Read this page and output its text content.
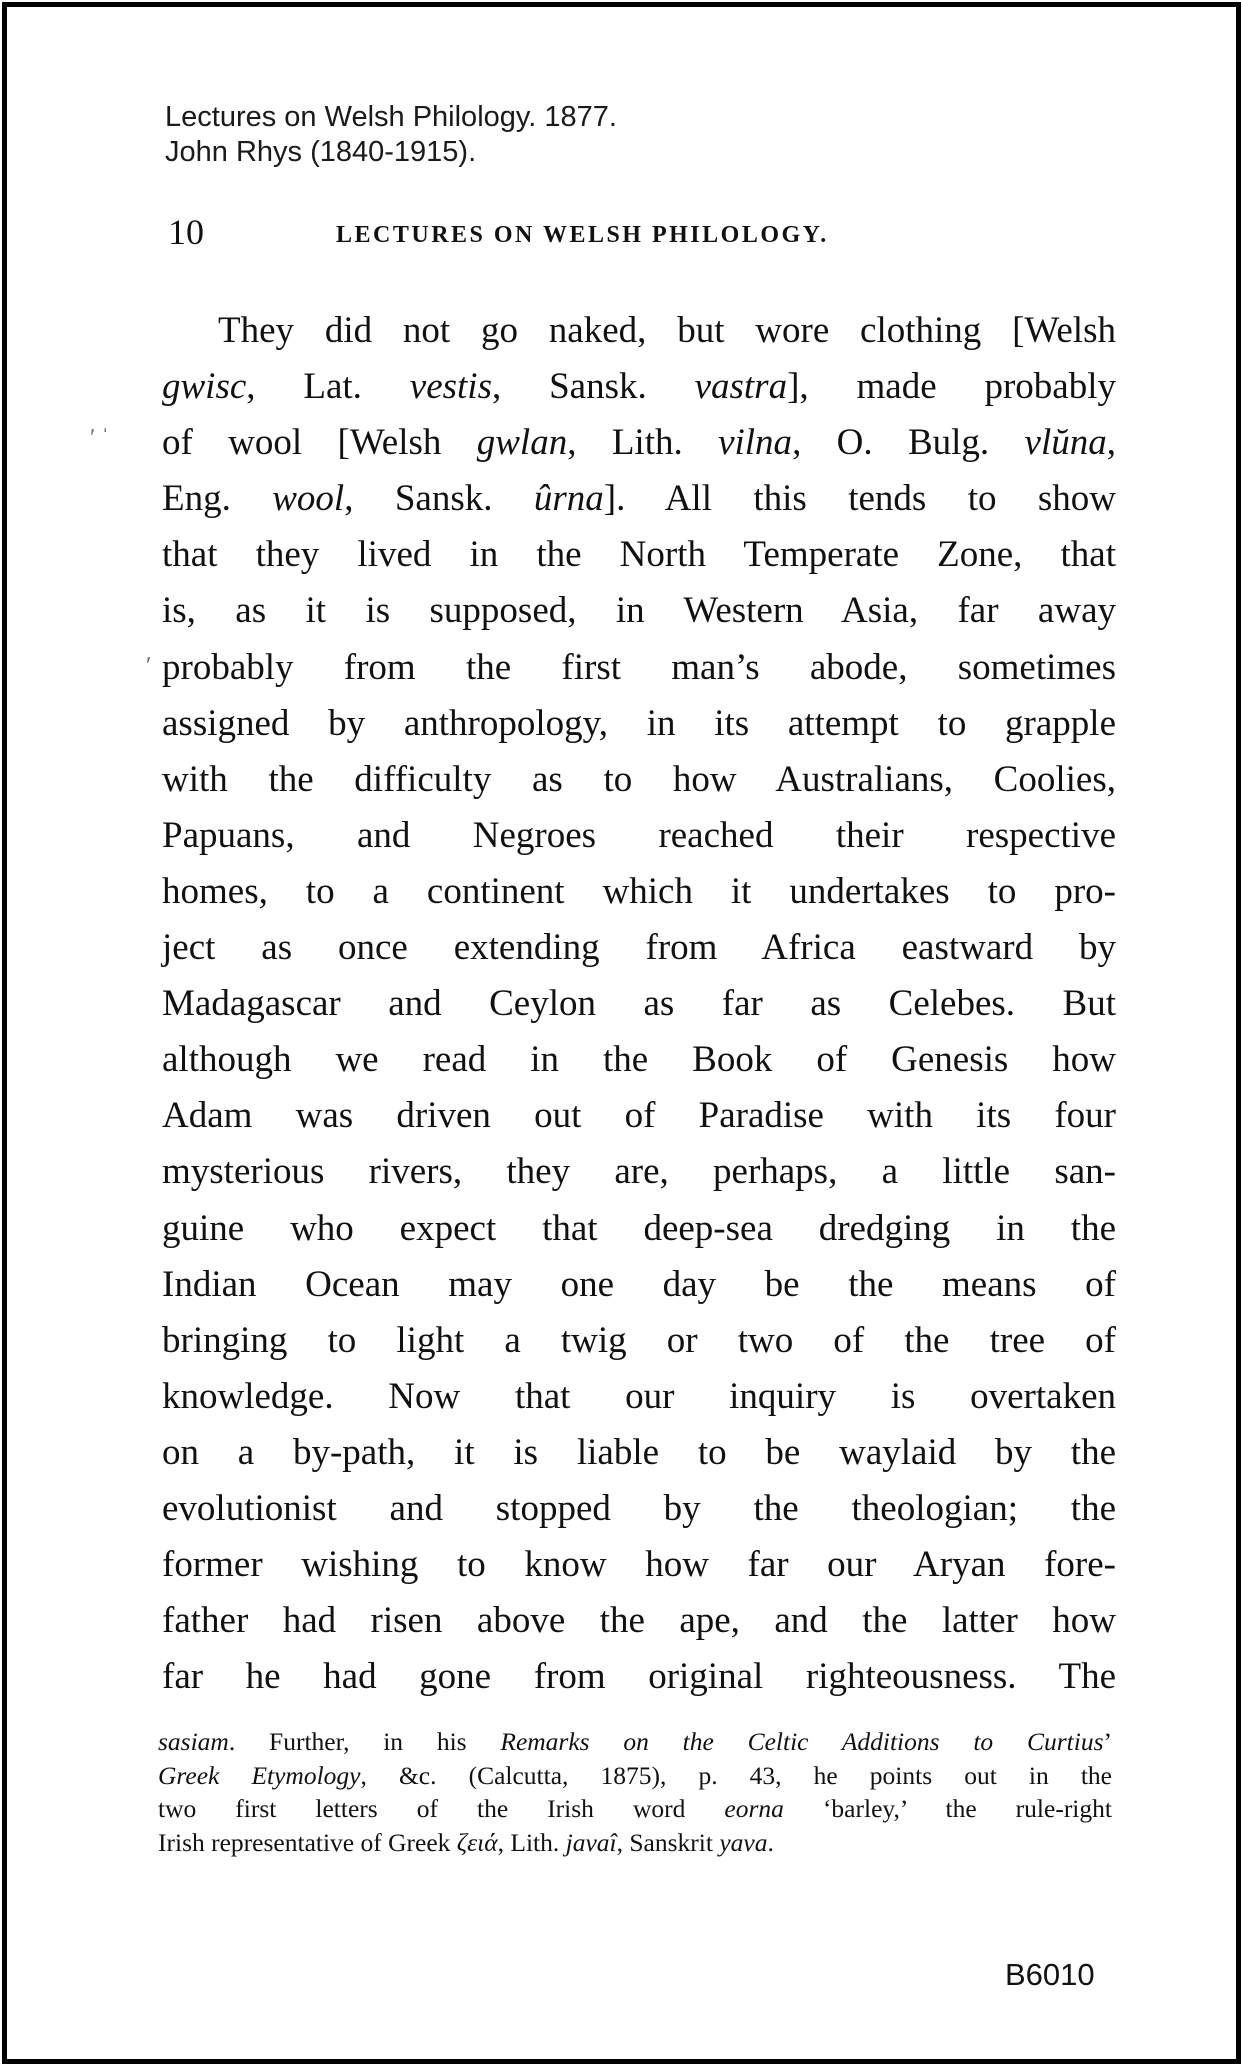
Lectures on Welsh Philology. 1877.
John Rhys (1840-1915).
10	LECTURES ON WELSH PHILOLOGY.
They did not go naked, but wore clothing [Welsh
gwisc, Lat. vestis, Sansk. vastra], made probably
of wool [Welsh gwlan, Lith. vilna, O. Bulg. vlŭna,
Eng. wool, Sansk. ûrna]. All this tends to show
that they lived in the North Temperate Zone, that
is, as it is supposed, in Western Asia, far away
probably from the first man’s abode, sometimes
assigned by anthropology, in its attempt to grapple
with the difficulty as to how Australians, Coolies,
Papuans, and Negroes reached their respective
homes, to a continent which it undertakes to pro-
ject as once extending from Africa eastward by
Madagascar and Ceylon as far as Celebes. But
although we read in the Book of Genesis how
Adam was driven out of Paradise with its four
mysterious rivers, they are, perhaps, a little san-
guine who expect that deep-sea dredging in the
Indian Ocean may one day be the means of
bringing to light a twig or two of the tree of
knowledge. Now that our inquiry is overtaken
on a by-path, it is liable to be waylaid by the
evolutionist and stopped by the theologian; the
former wishing to know how far our Aryan fore-
father had risen above the ape, and the latter how
far he had gone from original righteousness. The
sasiam. Further, in his Remarks on the Celtic Additions to Curtius’
Greek Etymology, &c. (Calcutta, 1875), p. 43, he points out in the
two first letters of the Irish word eorna ‘barley,’ the rule-right
Irish representative of Greek ζειά, Lith. javaî, Sanskrit yava.
B6010
ʹ ˈ
ʹ
